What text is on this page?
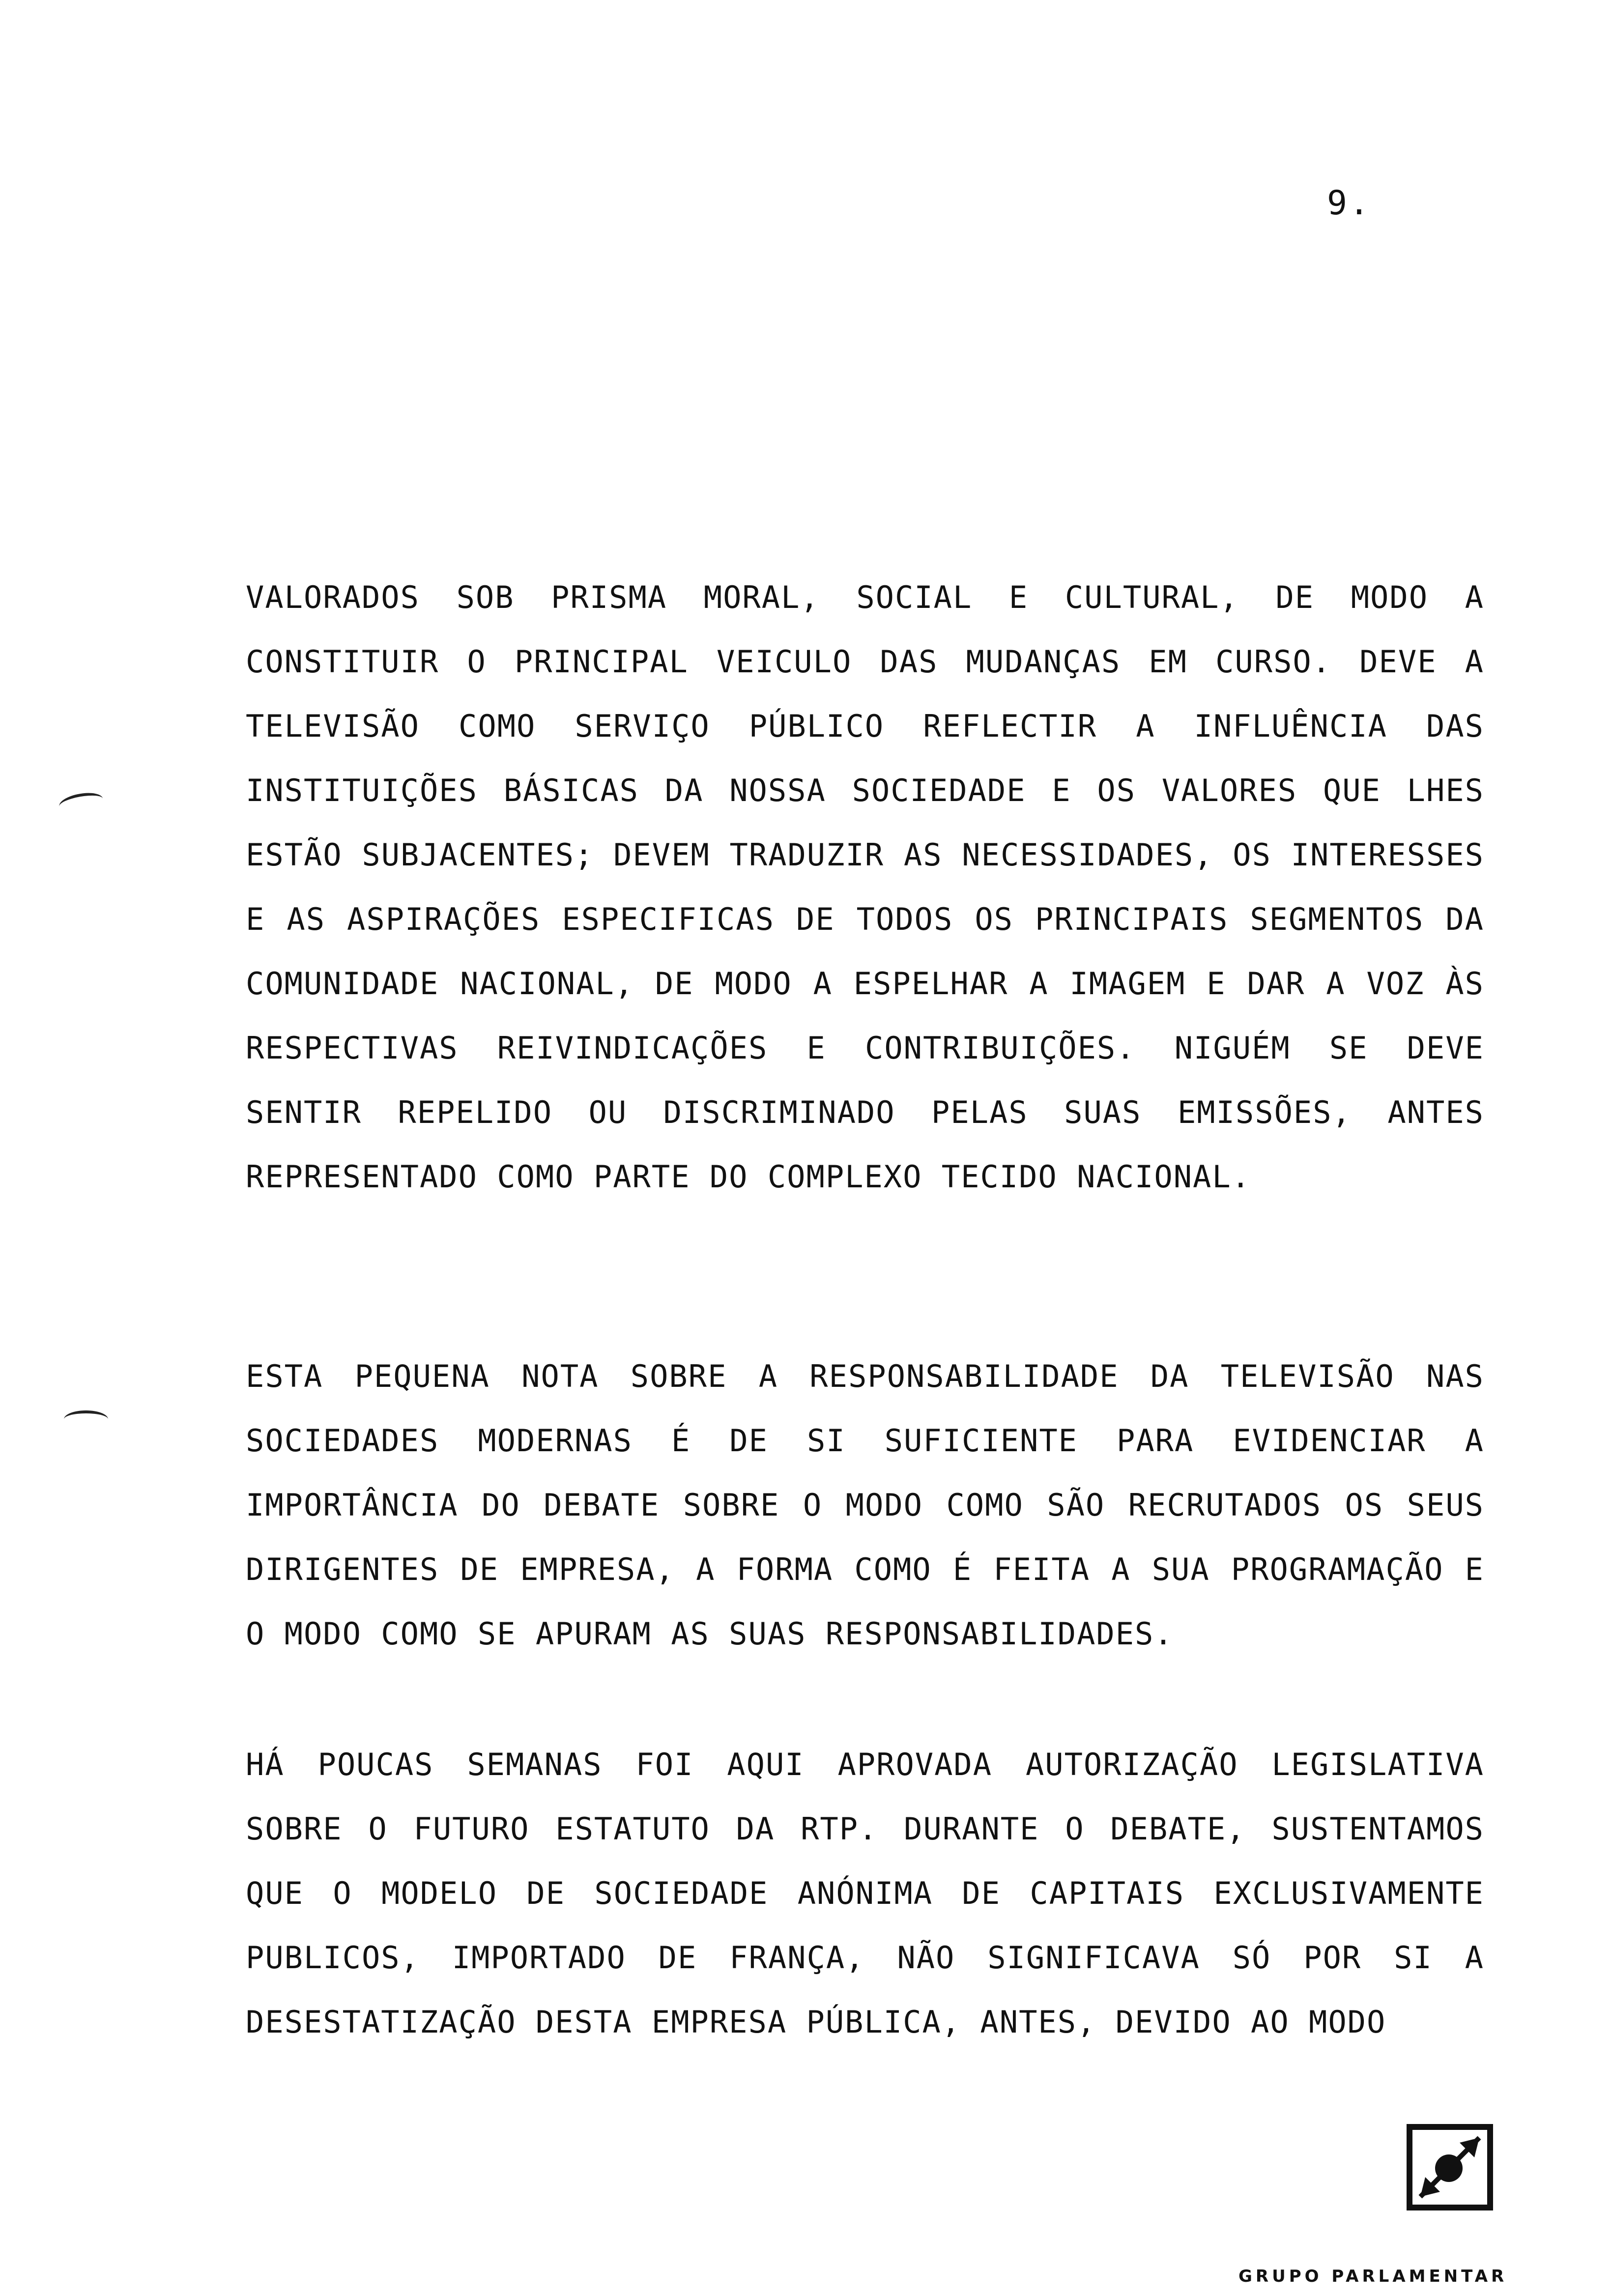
9.

VALORADOS SOB PRISMA MORAL, SOCIAL E CULTURAL, DE MODO A CONSTITUIR O PRINCIPAL VEICULO DAS MUDANÇAS EM CURSO. DEVE A TELEVISÃO COMO SERVIÇO PÚBLICO REFLECTIR A INFLUÊNCIA DAS INSTITUIÇÕES BÁSICAS DA NOSSA SOCIEDADE E OS VALORES QUE LHES ESTÃO SUBJACENTES; DEVEM TRADUZIR AS NECESSIDADES, OS INTERESSES E AS ASPIRAÇÕES ESPECIFICAS DE TODOS OS PRINCIPAIS SEGMENTOS DA COMUNIDADE NACIONAL, DE MODO A ESPELHAR A IMAGEM E DAR A VOZ ÀS RESPECTIVAS REIVINDICAÇÕES E CONTRIBUIÇÕES. NIGUÉM SE DEVE SENTIR REPELIDO OU DISCRIMINADO PELAS SUAS EMISSÕES, ANTES REPRESENTADO COMO PARTE DO COMPLEXO TECIDO NACIONAL.

ESTA PEQUENA NOTA SOBRE A RESPONSABILIDADE DA TELEVISÃO NAS SOCIEDADES MODERNAS É DE SI SUFICIENTE PARA EVIDENCIAR A IMPORTÂNCIA DO DEBATE SOBRE O MODO COMO SÃO RECRUTADOS OS SEUS DIRIGENTES DE EMPRESA, A FORMA COMO É FEITA A SUA PROGRAMAÇÃO E O MODO COMO SE APURAM AS SUAS RESPONSABILIDADES.

HÁ POUCAS SEMANAS FOI AQUI APROVADA AUTORIZAÇÃO LEGISLATIVA SOBRE O FUTURO ESTATUTO DA RTP. DURANTE O DEBATE, SUSTENTAMOS QUE O MODELO DE SOCIEDADE ANÓNIMA DE CAPITAIS EXCLUSIVAMENTE PUBLICOS, IMPORTADO DE FRANÇA, NÃO SIGNIFICAVA SÓ POR SI A DESESTATIZAÇÃO DESTA EMPRESA PÚBLICA, ANTES, DEVIDO AO MODO

GRUPO PARLAMENTAR
